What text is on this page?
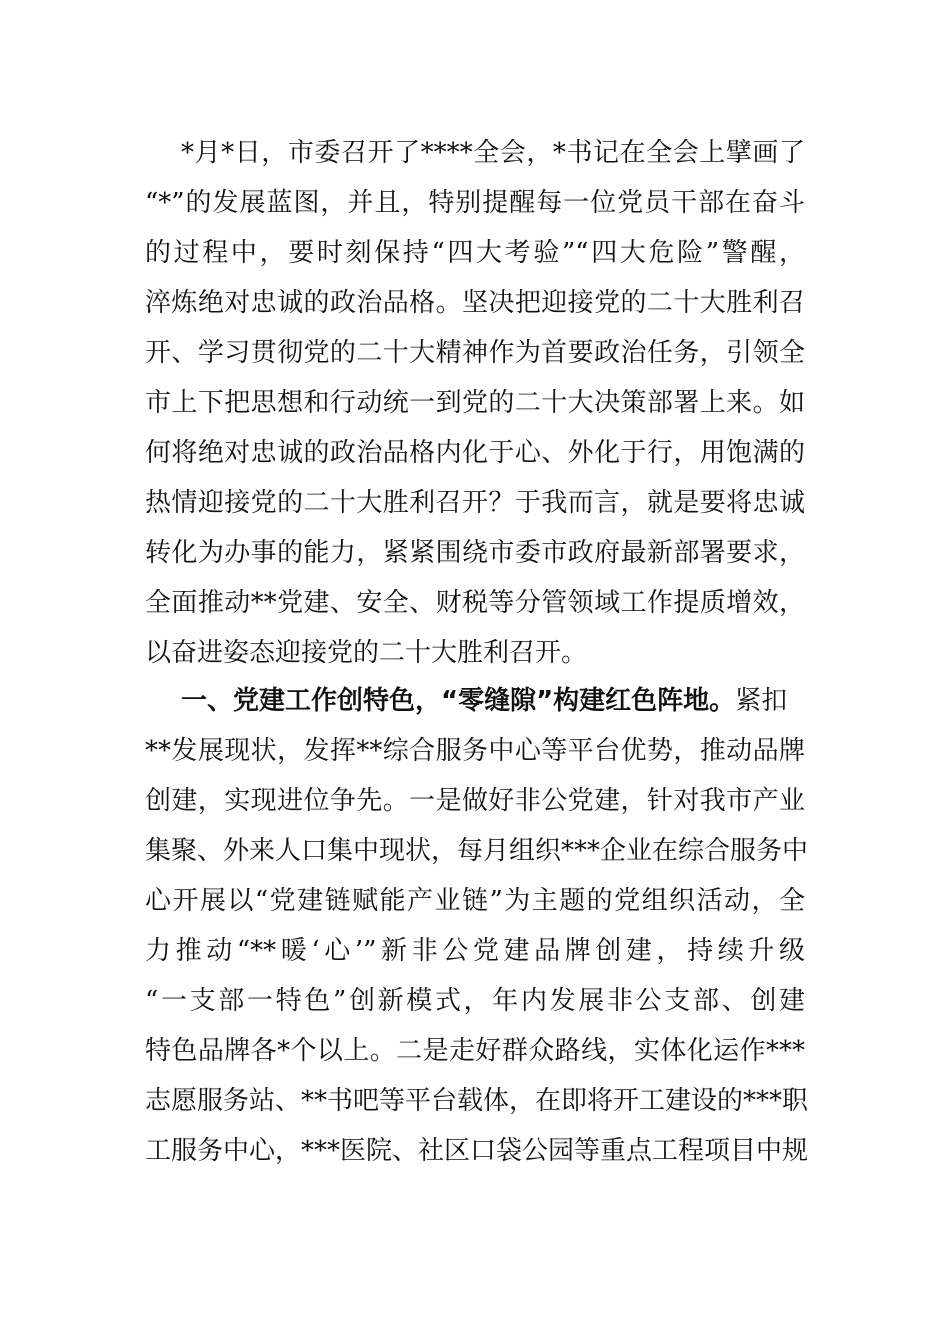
*月*日，市委召开了****全会，*书记在全会上擘画了
“*”的发展蓝图，并且，特别提醒每一位党员干部在奋斗
的过程中，要时刻保持“四大考验”“四大危险”警醒，
淬炼绝对忠诚的政治品格。坚决把迎接党的二十大胜利召
开、学习贯彻党的二十大精神作为首要政治任务，引领全
市上下把思想和行动统一到党的二十大决策部署上来。如
何将绝对忠诚的政治品格内化于心、外化于行，用饱满的
热情迎接党的二十大胜利召开？于我而言，就是要将忠诚
转化为办事的能力，紧紧围绕市委市政府最新部署要求，
全面推动**党建、安全、财税等分管领域工作提质增效，
以奋进姿态迎接党的二十大胜利召开。
一、党建工作创特色，“零缝隙”构建红色阵地。紧扣
**发展现状，发挥**综合服务中心等平台优势，推动品牌
创建，实现进位争先。一是做好非公党建，针对我市产业
集聚、外来人口集中现状，每月组织***企业在综合服务中
心开展以“党建链赋能产业链”为主题的党组织活动，全
力推动“**暖‘心’”新非公党建品牌创建，持续升级
“一支部一特色”创新模式，年内发展非公支部、创建
特色品牌各*个以上。二是走好群众路线，实体化运作***
志愿服务站、**书吧等平台载体，在即将开工建设的***职
工服务中心，***医院、社区口袋公园等重点工程项目中规
